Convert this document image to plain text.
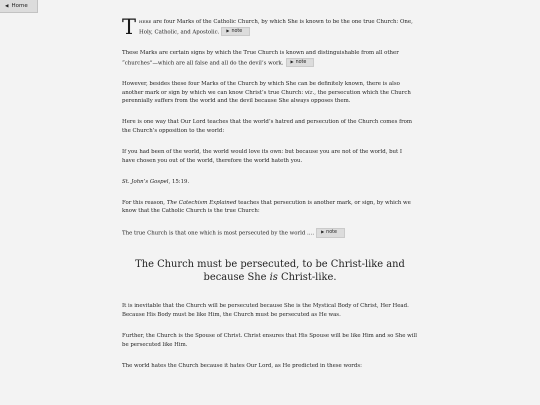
◀ Home

There are four Marks of the Catholic Church, by which She is known to be the one true Church: One, Holy, Catholic, and Apostolic. ▶ note

These Marks are certain signs by which the True Church is known and distinguishable from all other “churches”—which are all false and all do the devil’s work. ▶ note

However, besides these four Marks of the Church by which She can be definitely known, there is also another mark or sign by which we can know Christ’s true Church: viz., the persecution which the Church perennially suffers from the world and the devil because She always opposes them.

Here is one way that Our Lord teaches that the world’s hatred and persecution of the Church comes from the Church’s opposition to the world:

If you had been of the world, the world would love its own: but because you are not of the world, but I have chosen you out of the world, therefore the world hateth you.

St. John’s Gospel, 15:19.

For this reason, The Catechism Explained teaches that persecution is another mark, or sign, by which we know that the Catholic Church is the true Church:

The true Church is that one which is most persecuted by the world …. ▶ note

The Church must be persecuted, to be Christ-like and
because She is Christ-like.

It is inevitable that the Church will be persecuted because She is the Mystical Body of Christ, Her Head. Because His Body must be like Him, the Church must be persecuted as He was.

Further, the Church is the Spouse of Christ. Christ ensures that His Spouse will be like Him and so She will be persecuted like Him.

The world hates the Church because it hates Our Lord, as He predicted in these words:
